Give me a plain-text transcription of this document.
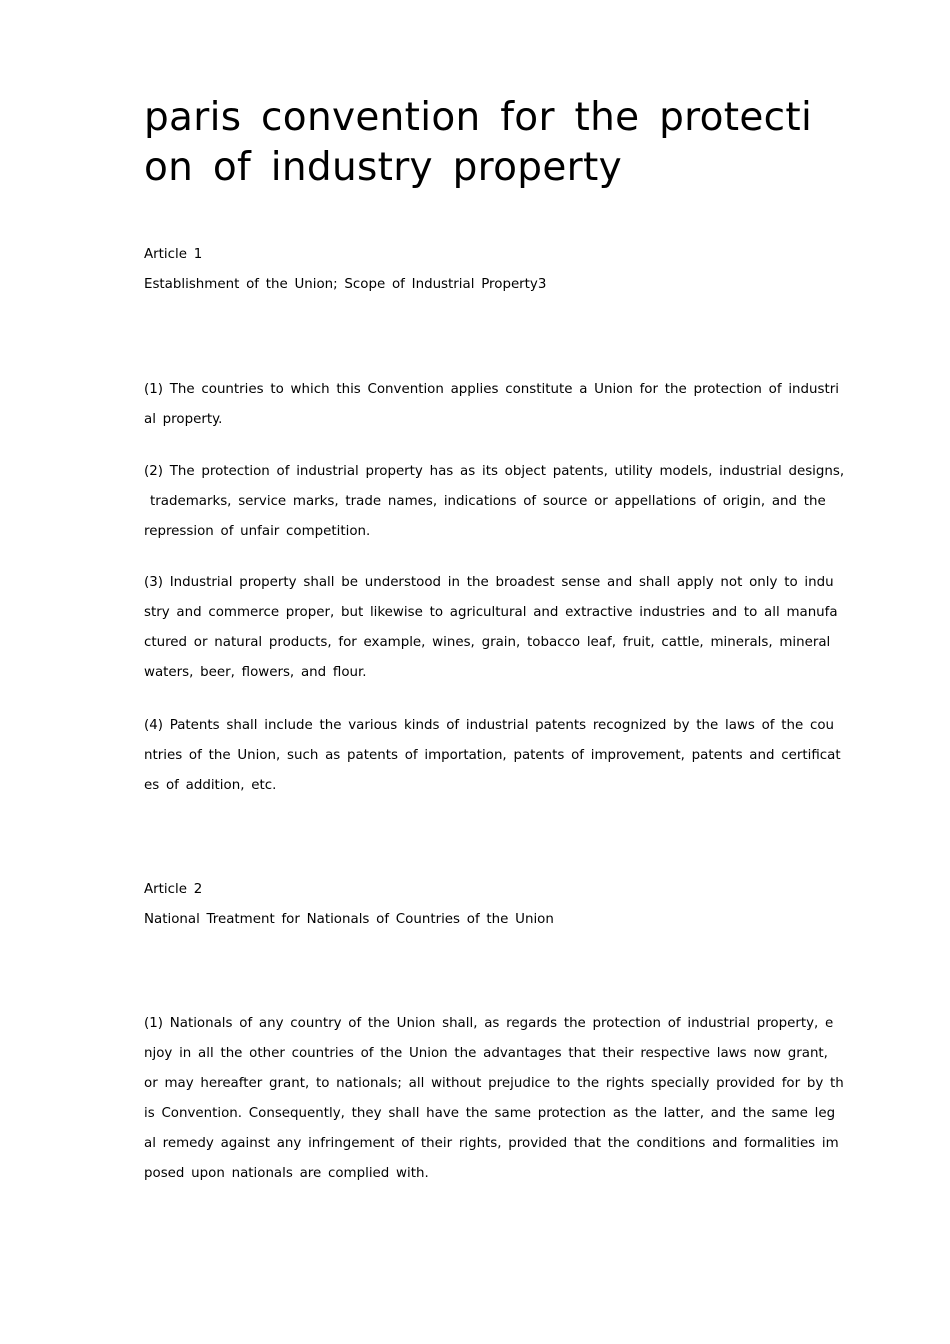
paris convention for the protecti
on of industry property
Article 1
Establishment of the Union; Scope of Industrial Property3
(1) The countries to which this Convention applies constitute a Union for the protection of industri
al property.
(2) The protection of industrial property has as its object patents, utility models, industrial designs,
trademarks, service marks, trade names, indications of source or appellations of origin, and the
repression of unfair competition.
(3) Industrial property shall be understood in the broadest sense and shall apply not only to indu
stry and commerce proper, but likewise to agricultural and extractive industries and to all manufa
ctured or natural products, for example, wines, grain, tobacco leaf, fruit, cattle, minerals, mineral
waters, beer, flowers, and flour.
(4) Patents shall include the various kinds of industrial patents recognized by the laws of the cou
ntries of the Union, such as patents of importation, patents of improvement, patents and certificat
es of addition, etc.
Article 2
National Treatment for Nationals of Countries of the Union
(1) Nationals of any country of the Union shall, as regards the protection of industrial property, e
njoy in all the other countries of the Union the advantages that their respective laws now grant,
or may hereafter grant, to nationals; all without prejudice to the rights specially provided for by th
is Convention. Consequently, they shall have the same protection as the latter, and the same leg
al remedy against any infringement of their rights, provided that the conditions and formalities im
posed upon nationals are complied with.
